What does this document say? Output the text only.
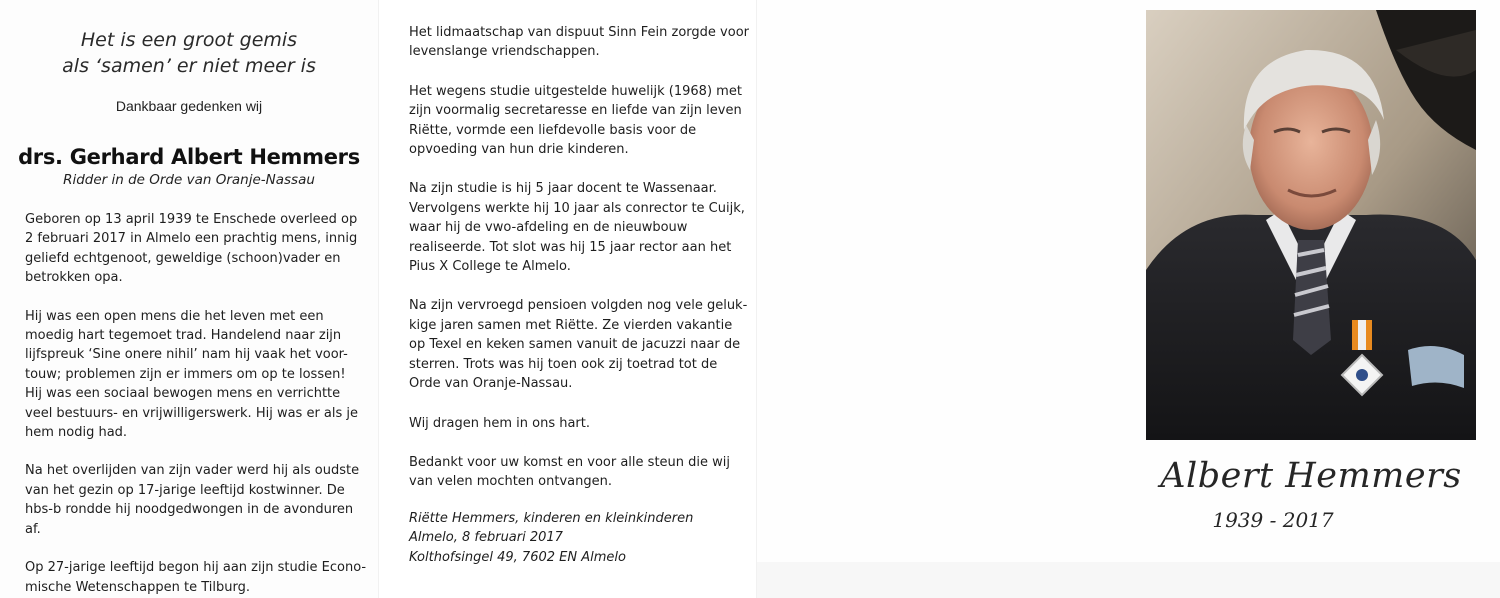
Het is een groot gemis
als ‘samen’ er niet meer is
Dankbaar gedenken wij
drs. Gerhard Albert Hemmers
Ridder in de Orde van Oranje-Nassau
Geboren op 13 april 1939 te Enschede overleed op
2 februari 2017 in Almelo een prachtig mens, innig
geliefd echtgenoot, geweldige (schoon)vader en
betrokken opa.
Hij was een open mens die het leven met een
moedig hart tegemoet trad. Handelend naar zijn
lijfspreuk ‘Sine onere nihil’ nam hij vaak het voor-
touw; problemen zijn er immers om op te lossen!
Hij was een sociaal bewogen mens en verrichtte
veel bestuurs- en vrijwilligerswerk. Hij was er als je
hem nodig had.
Na het overlijden van zijn vader werd hij als oudste
van het gezin op 17-jarige leeftijd kostwinner. De
hbs-b rondde hij noodgedwongen in de avonduren
af.
Op 27-jarige leeftijd begon hij aan zijn studie Econo-
mische Wetenschappen te Tilburg.
Het lidmaatschap van dispuut Sinn Fein zorgde voor
levenslange vriendschappen.
Het wegens studie uitgestelde huwelijk (1968) met
zijn voormalig secretaresse en liefde van zijn leven
Riëtte, vormde een liefdevolle basis voor de
opvoeding van hun drie kinderen.
Na zijn studie is hij 5 jaar docent te Wassenaar.
Vervolgens werkte hij 10 jaar als conrector te Cuijk,
waar hij de vwo-afdeling en de nieuwbouw
realiseerde. Tot slot was hij 15 jaar rector aan het
Pius X College te Almelo.
Na zijn vervroegd pensioen volgden nog vele geluk-
kige jaren samen met Riëtte. Ze vierden vakantie
op Texel en keken samen vanuit de jacuzzi naar de
sterren. Trots was hij toen ook zij toetrad tot de
Orde van Oranje-Nassau.
Wij dragen hem in ons hart.
Bedankt voor uw komst en voor alle steun die wij
van velen mochten ontvangen.
Riëtte Hemmers, kinderen en kleinkinderen
Almelo, 8 februari 2017
Kolthofsingel 49, 7602 EN Almelo
Albert Hemmers
1939 - 2017
